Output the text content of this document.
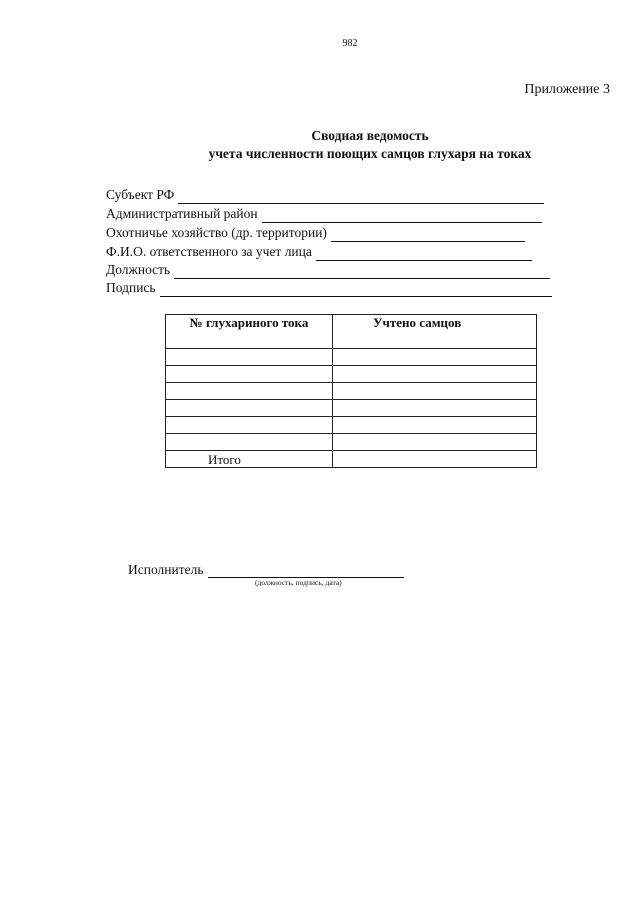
982
Приложение 3
Сводная ведомость
учета численности поющих самцов глухаря на токах
Субъект РФ
Административный район
Охотничье хозяйство (др. территории)
Ф.И.О. ответственного за учет лица
Должность
Подпись
№ глухариного тока	Учтено самцов

Итого	
Исполнитель
(должность, подпись, дата)
